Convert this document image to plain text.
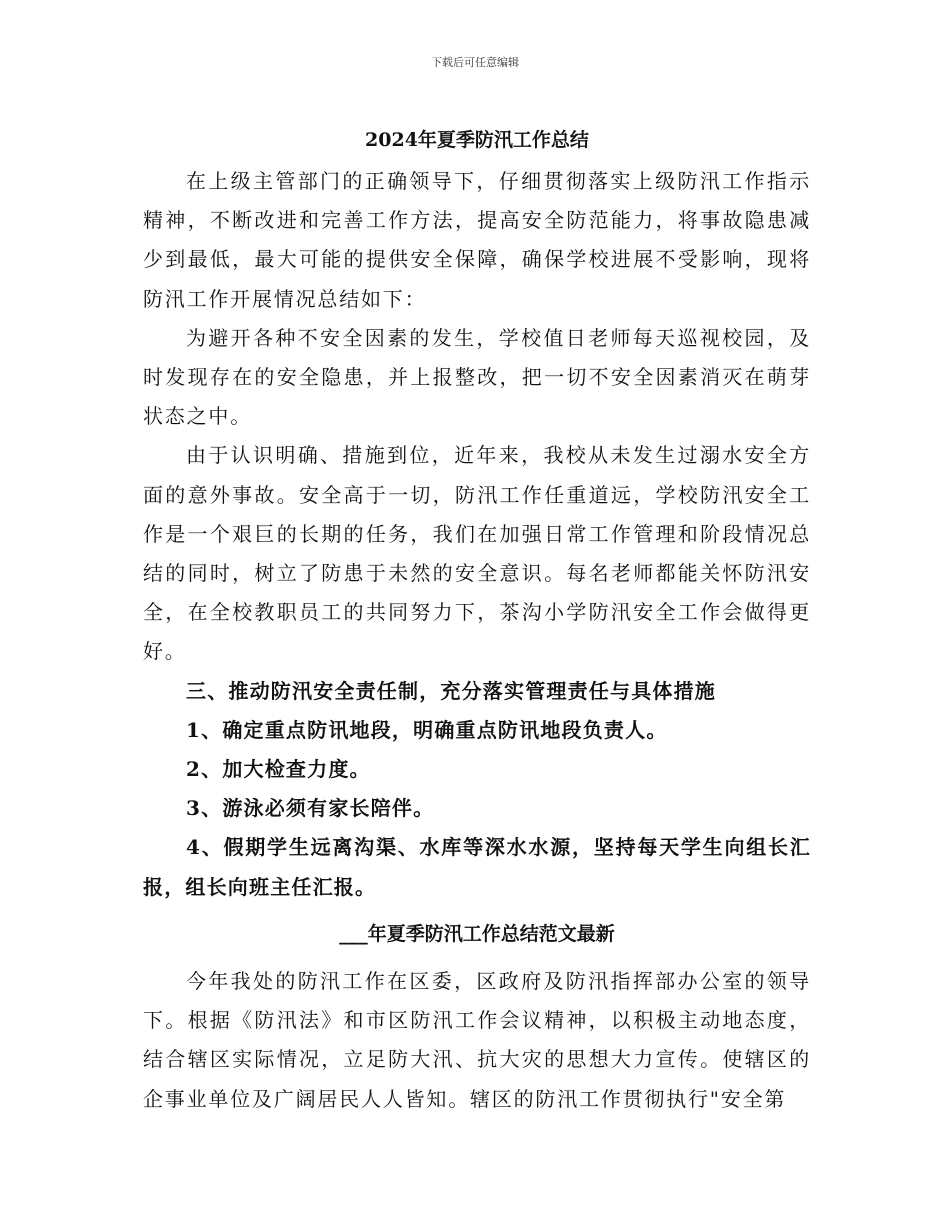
下载后可任意编辑
2024年夏季防汛工作总结

在上级主管部门的正确领导下，仔细贯彻落实上级防汛工作指示精神，不断改进和完善工作方法，提高安全防范能力，将事故隐患减少到最低，最大可能的提供安全保障，确保学校进展不受影响，现将防汛工作开展情况总结如下：

为避开各种不安全因素的发生，学校值日老师每天巡视校园，及时发现存在的安全隐患，并上报整改，把一切不安全因素消灭在萌芽状态之中。

由于认识明确、措施到位，近年来，我校从未发生过溺水安全方面的意外事故。安全高于一切，防汛工作任重道远，学校防汛安全工作是一个艰巨的长期的任务，我们在加强日常工作管理和阶段情况总结的同时，树立了防患于未然的安全意识。每名老师都能关怀防汛安全，在全校教职员工的共同努力下，茶沟小学防汛安全工作会做得更好。

三、推动防汛安全责任制，充分落实管理责任与具体措施

1、确定重点防讯地段，明确重点防讯地段负责人。

2、加大检查力度。

3、游泳必须有家长陪伴。

4、假期学生远离沟渠、水库等深水水源，坚持每天学生向组长汇报，组长向班主任汇报。

___年夏季防汛工作总结范文最新

今年我处的防汛工作在区委，区政府及防汛指挥部办公室的领导下。根据《防汛法》和市区防汛工作会议精神，以积极主动地态度，结合辖区实际情况，立足防大汛、抗大灾的思想大力宣传。使辖区的企事业单位及广阔居民人人皆知。辖区的防汛工作贯彻执行"安全第
